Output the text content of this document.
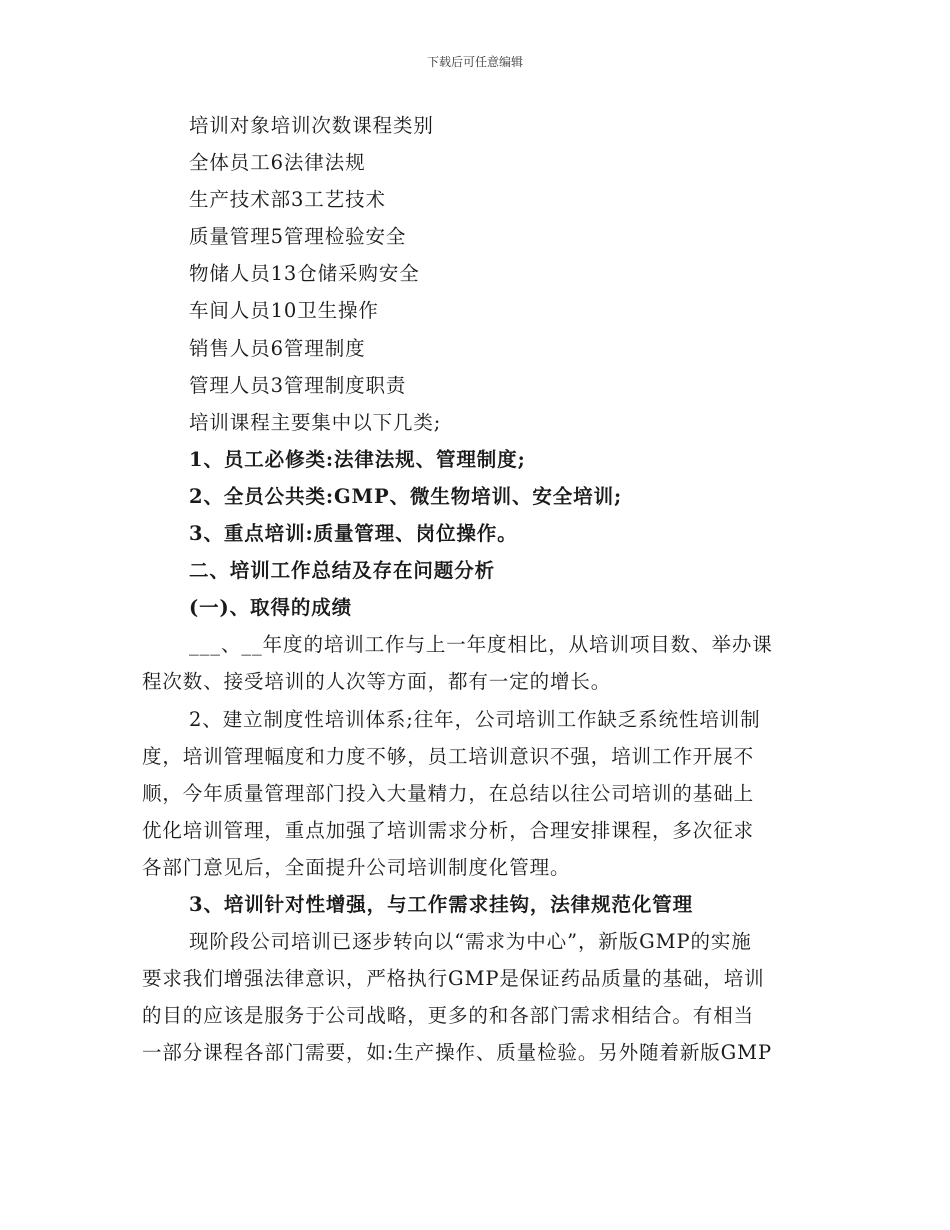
下载后可任意编辑
培训对象培训次数课程类别
全体员工6法律法规
生产技术部3工艺技术
质量管理5管理检验安全
物储人员13仓储采购安全
车间人员10卫生操作
销售人员6管理制度
管理人员3管理制度职责
培训课程主要集中以下几类;
1、员工必修类:法律法规、管理制度;
2、全员公共类:GMP、微生物培训、安全培训;
3、重点培训:质量管理、岗位操作。
二、培训工作总结及存在问题分析
(一)、取得的成绩
___、__年度的培训工作与上一年度相比，从培训项目数、举办课
程次数、接受培训的人次等方面，都有一定的增长。
2、建立制度性培训体系;往年，公司培训工作缺乏系统性培训制
度，培训管理幅度和力度不够，员工培训意识不强，培训工作开展不
顺，今年质量管理部门投入大量精力，在总结以往公司培训的基础上
优化培训管理，重点加强了培训需求分析，合理安排课程，多次征求
各部门意见后，全面提升公司培训制度化管理。
3、培训针对性增强，与工作需求挂钩，法律规范化管理
现阶段公司培训已逐步转向以“需求为中心”，新版GMP的实施
要求我们增强法律意识，严格执行GMP是保证药品质量的基础，培训
的目的应该是服务于公司战略，更多的和各部门需求相结合。有相当
一部分课程各部门需要，如:生产操作、质量检验。另外随着新版GMP
